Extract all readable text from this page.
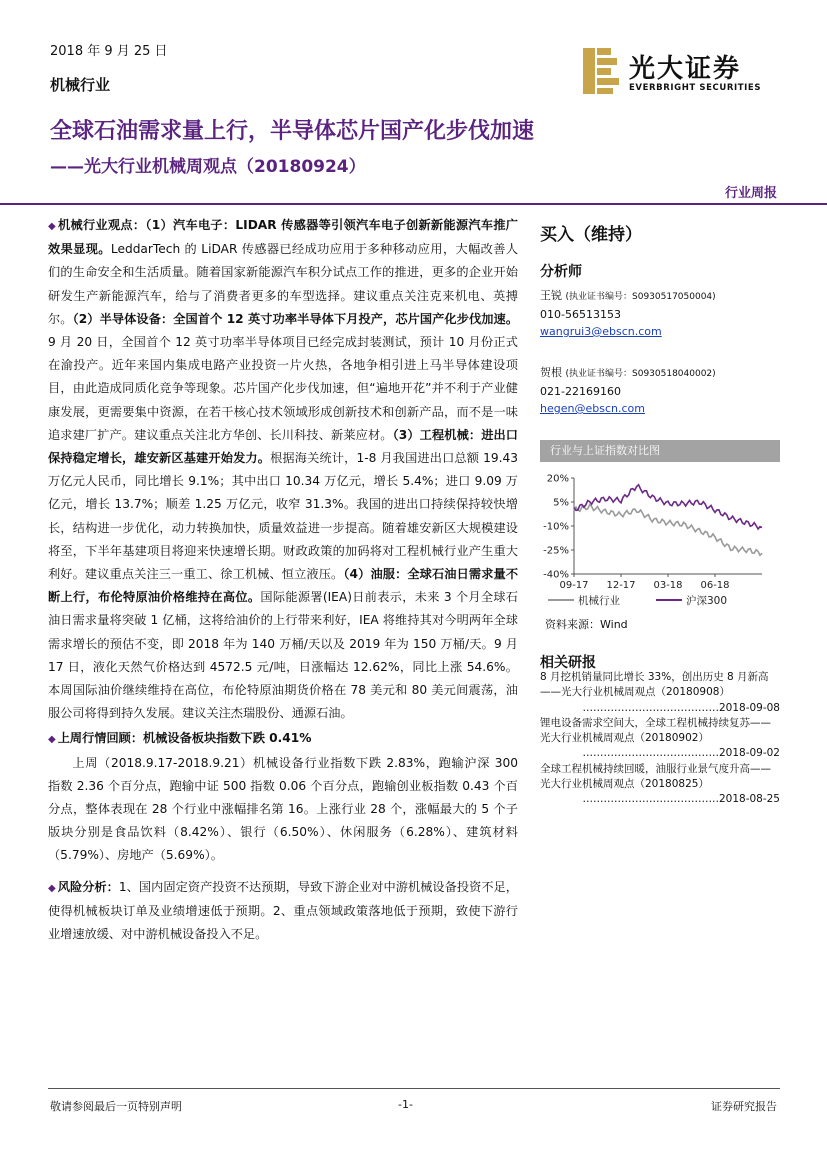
2018 年 9 月 25 日
机械行业
光大证券
EVERBRIGHT SECURITIES
全球石油需求量上行，半导体芯片国产化步伐加速
——光大行业机械周观点（20180924）
行业周报

◆ 机械行业观点：（1）汽车电子：LIDAR 传感器等引领汽车电子创新新能源汽车推广效果显现。LeddarTech 的 LiDAR 传感器已经成功应用于多种移动应用，大幅改善人们的生命安全和生活质量。随着国家新能源汽车积分试点工作的推进，更多的企业开始研发生产新能源汽车，给与了消费者更多的车型选择。建议重点关注克来机电、英搏尔。（2）半导体设备：全国首个 12 英寸功率半导体下月投产，芯片国产化步伐加速。9 月 20 日，全国首个 12 英寸功率半导体项目已经完成封装测试，预计 10 月份正式在渝投产。近年来国内集成电路产业投资一片火热，各地争相引进上马半导体建设项目，由此造成同质化竞争等现象。芯片国产化步伐加速，但“遍地开花”并不利于产业健康发展，更需要集中资源，在若干核心技术领域形成创新技术和创新产品，而不是一味追求建厂扩产。建议重点关注北方华创、长川科技、新莱应材。（3）工程机械：进出口保持稳定增长，雄安新区基建开始发力。根据海关统计，1-8 月我国进出口总额 19.43 万亿元人民币，同比增长 9.1%；其中出口 10.34 万亿元，增长 5.4%；进口 9.09 万亿元，增长 13.7%；顺差 1.25 万亿元，收窄 31.3%。我国的进出口持续保持较快增长，结构进一步优化，动力转换加快，质量效益进一步提高。随着雄安新区大规模建设将至，下半年基建项目将迎来快速增长期。财政政策的加码将对工程机械行业产生重大利好。建议重点关注三一重工、徐工机械、恒立液压。（4）油服：全球石油日需求量不断上行，布伦特原油价格维持在高位。国际能源署(IEA)日前表示，未来 3 个月全球石油日需求量将突破 1 亿桶，这将给油价的上行带来利好，IEA 将维持其对今明两年全球需求增长的预估不变，即 2018 年为 140 万桶/天以及 2019 年为 150 万桶/天。9 月 17 日，液化天然气价格达到 4572.5 元/吨，日涨幅达 12.62%，同比上涨 54.6%。本周国际油价继续维持在高位，布伦特原油期货价格在 78 美元和 80 美元间震荡，油服公司将得到持久发展。建议关注杰瑞股份、通源石油。

◆ 上周行情回顾：机械设备板块指数下跌 0.41%

上周（2018.9.17-2018.9.21）机械设备行业指数下跌 2.83%，跑输沪深 300 指数 2.36 个百分点，跑输中证 500 指数 0.06 个百分点，跑输创业板指数 0.43 个百分点，整体表现在 28 个行业中涨幅排名第 16。上涨行业 28 个，涨幅最大的 5 个子版块分别是食品饮料（8.42%）、银行（6.50%）、休闲服务（6.28%）、建筑材料（5.79%）、房地产（5.69%）。

◆ 风险分析：1、国内固定资产投资不达预期，导致下游企业对中游机械设备投资不足，使得机械板块订单及业绩增速低于预期。2、重点领域政策落地低于预期，致使下游行业增速放缓、对中游机械设备投入不足。

买入（维持）
分析师
王锐 (执业证书编号：S0930517050004)
010-56513153
wangrui3@ebscn.com
贺根 (执业证书编号：S0930518040002)
021-22169160
hegen@ebscn.com
行业与上证指数对比图
20%
5%
-10%
-25%
-40%
09-17 12-17 03-18 06-18
机械行业	沪深300
资料来源：Wind
相关研报
8 月挖机销量同比增长 33%，创出历史 8 月新高——光大行业机械周观点（20180908）
…………………………………2018-09-08
锂电设备需求空间大，全球工程机械持续复苏——光大行业机械周观点（20180902）
…………………………………2018-09-02
全球工程机械持续回暖，油服行业景气度升高——光大行业机械周观点（20180825）
…………………………………2018-08-25
敬请参阅最后一页特别声明	-1-	证券研究报告
